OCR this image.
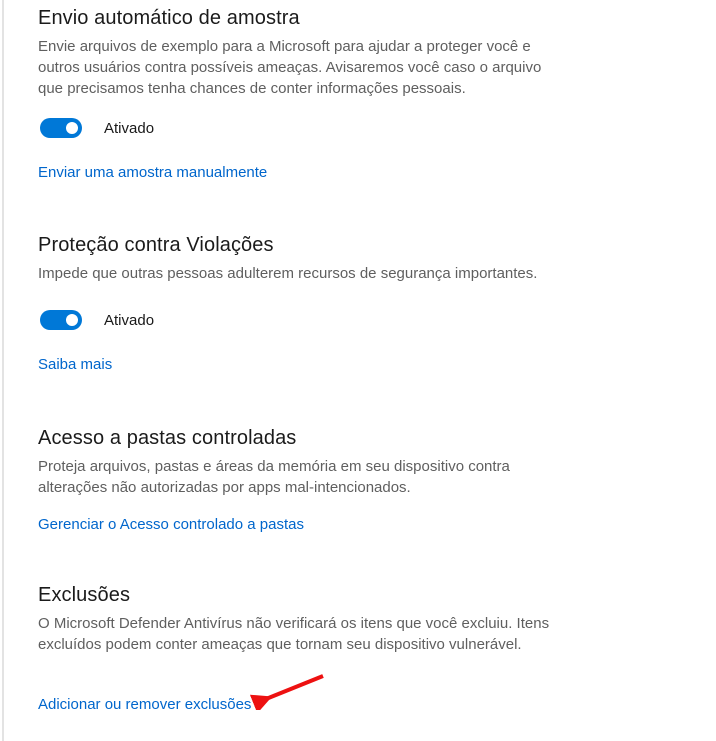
Envio automático de amostra

Envie arquivos de exemplo para a Microsoft para ajudar a proteger você e outros usuários contra possíveis ameaças. Avisaremos você caso o arquivo que precisamos tenha chances de conter informações pessoais.

Ativado
Enviar uma amostra manualmente
Proteção contra Violações

Impede que outras pessoas adulterem recursos de segurança importantes.

Ativado
Saiba mais
Acesso a pastas controladas

Proteja arquivos, pastas e áreas da memória em seu dispositivo contra alterações não autorizadas por apps mal-intencionados.

Gerenciar o Acesso controlado a pastas
Exclusões

O Microsoft Defender Antivírus não verificará os itens que você excluiu. Itens excluídos podem conter ameaças que tornam seu dispositivo vulnerável.

Adicionar ou remover exclusões
